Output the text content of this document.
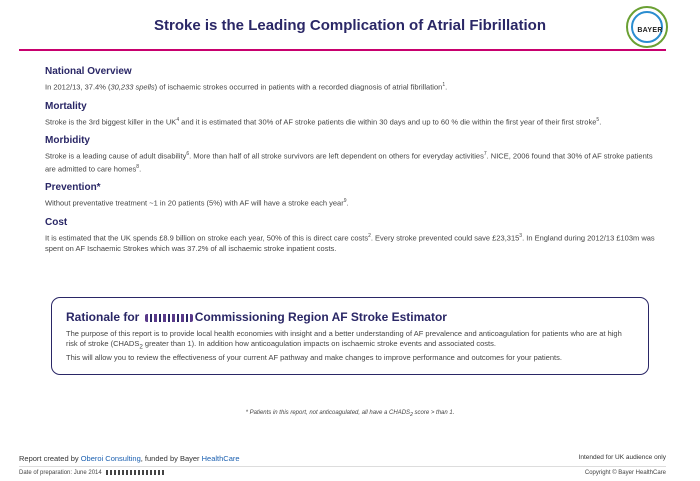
Stroke is the Leading Complication of Atrial Fibrillation	BAYER
National Overview
In 2012/13, 37.4% (30,233 spells) of ischaemic strokes occurred in patients with a recorded diagnosis of atrial fibrillation$^1$.
Mortality
Stroke is the 3rd biggest killer in the $UK^4$ and it is estimated that 30% of AF stroke patients die within 30 days and up to 60 % die within the first year of their first stroke$^5$.
Morbidity
Stroke is a leading cause of adult disability$^6$. More than half of all stroke survivors are left dependent on others for everyday activities$^7$. NICE, 2006 found that 30% of AF stroke patients are admitted to care homes$^8$.
Prevention*
Without preventative treatment ~1 in 20 patients (5%) with AF will have a stroke each year$^9$.
Cost
It is estimated that the UK spends £8.9 billion on stroke each year, 50% of this is direct care costs$^2$. Every stroke prevented could save £23,315$^3$. In England during 2012/13 £103m was spent on AF Ischaemic Strokes which was 37.2% of all ischaemic stroke inpatient costs.
Rationale for	Commissioning Region AF Stroke Estimator
The purpose of this report is to provide local health economies with insight and a better understanding of AF prevalence and anticoagulation for patients who are at high risk of stroke ($CHADS_2$ greater than 1). In addition how anticoagulation impacts on ischaemic stroke events and associated costs.
This will allow you to review the effectiveness of your current AF pathway and make changes to improve performance and outcomes for your patients.
* Patients in this report, not anticoagulated, all have a $CHADS_2$ score > than 1.
Report created by Oberoi Consulting, funded by Bayer HealthCare	Intended for UK audience only
Date of preparation: June 2014	Copyright © Bayer HealthCare
